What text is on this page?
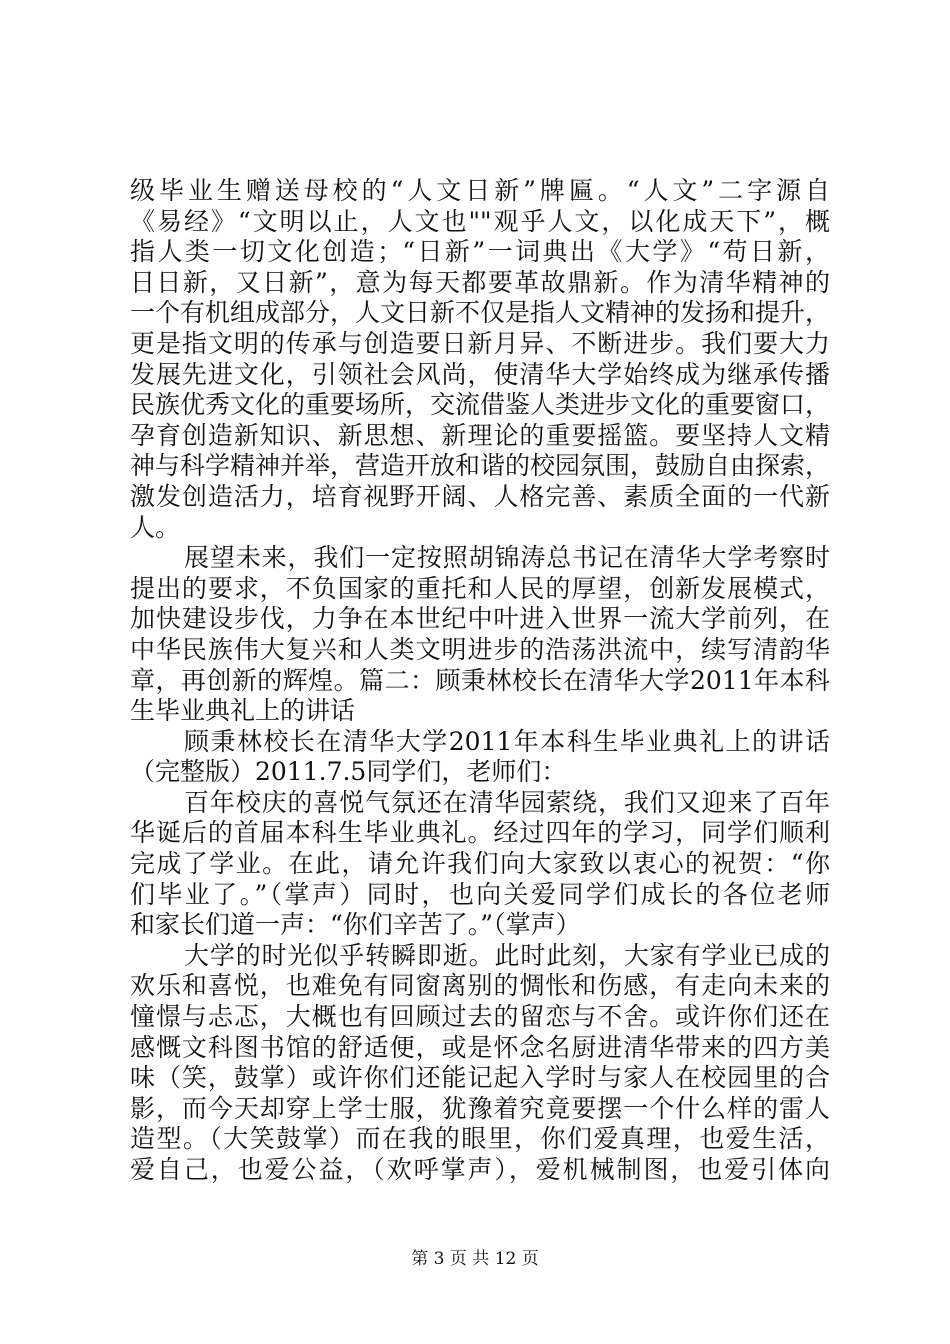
级毕业生赠送母校的“人文日新”牌匾。“人文”二字源自
《易经》“文明以止，人文也""观乎人文，以化成天下”，概
指人类一切文化创造；“日新”一词典出《大学》“苟日新，
日日新，又日新”，意为每天都要革故鼎新。作为清华精神的
一个有机组成部分，人文日新不仅是指人文精神的发扬和提升，
更是指文明的传承与创造要日新月异、不断进步。我们要大力
发展先进文化，引领社会风尚，使清华大学始终成为继承传播
民族优秀文化的重要场所，交流借鉴人类进步文化的重要窗口，
孕育创造新知识、新思想、新理论的重要摇篮。要坚持人文精
神与科学精神并举，营造开放和谐的校园氛围，鼓励自由探索，
激发创造活力，培育视野开阔、人格完善、素质全面的一代新
人。
展望未来，我们一定按照胡锦涛总书记在清华大学考察时
提出的要求，不负国家的重托和人民的厚望，创新发展模式，
加快建设步伐，力争在本世纪中叶进入世界一流大学前列，在
中华民族伟大复兴和人类文明进步的浩荡洪流中，续写清韵华
章，再创新的辉煌。篇二：顾秉林校长在清华大学2011年本科
生毕业典礼上的讲话
顾秉林校长在清华大学2011年本科生毕业典礼上的讲话
（完整版）2011.7.5同学们，老师们：
百年校庆的喜悦气氛还在清华园萦绕，我们又迎来了百年
华诞后的首届本科生毕业典礼。经过四年的学习，同学们顺利
完成了学业。在此，请允许我们向大家致以衷心的祝贺：“你
们毕业了。”（掌声）同时，也向关爱同学们成长的各位老师
和家长们道一声：“你们辛苦了。”（掌声）
大学的时光似乎转瞬即逝。此时此刻，大家有学业已成的
欢乐和喜悦，也难免有同窗离别的惆怅和伤感，有走向未来的
憧憬与忐忑，大概也有回顾过去的留恋与不舍。或许你们还在
感慨文科图书馆的舒适便，或是怀念名厨进清华带来的四方美
味（笑，鼓掌）或许你们还能记起入学时与家人在校园里的合
影，而今天却穿上学士服，犹豫着究竟要摆一个什么样的雷人
造型。（大笑鼓掌）而在我的眼里，你们爱真理，也爱生活，
爱自己，也爱公益，（欢呼掌声），爱机械制图，也爱引体向
第 3 页 共 12 页
